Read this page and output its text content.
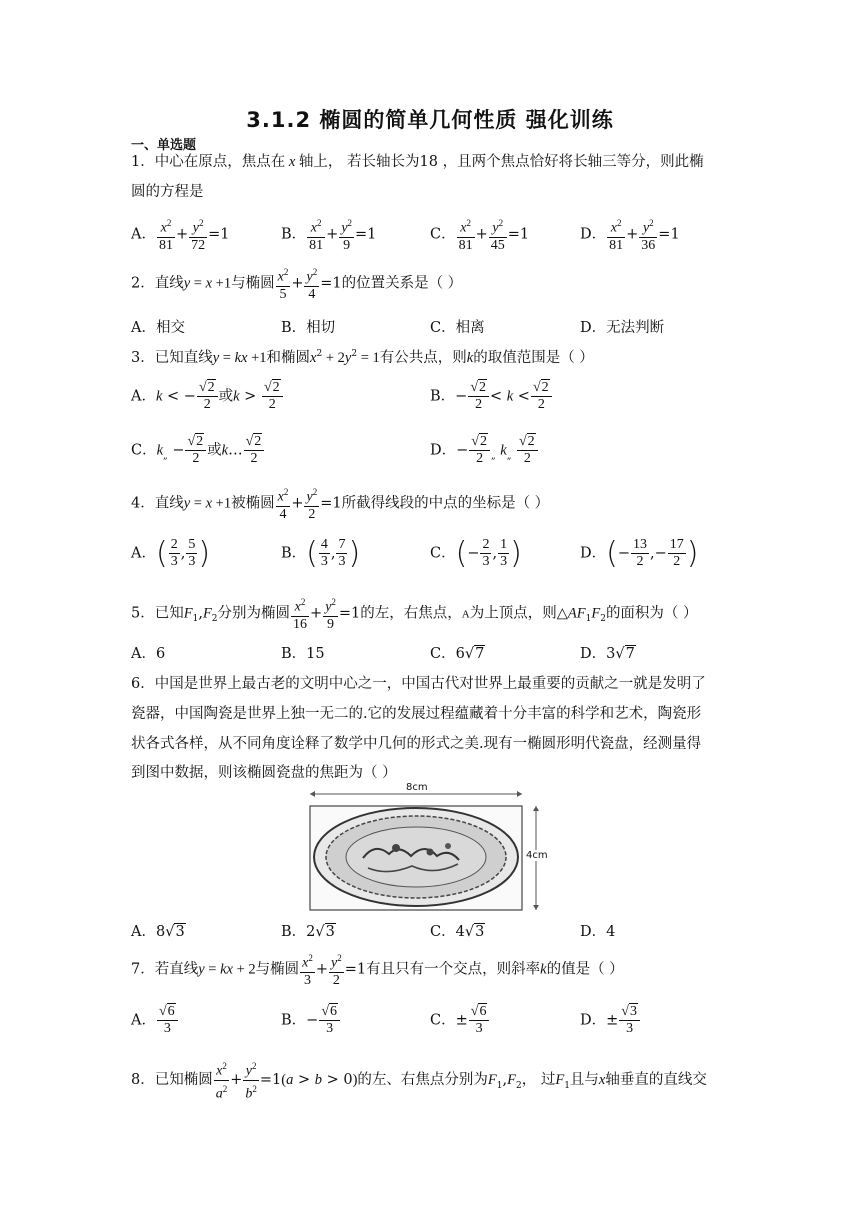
3.1.2 椭圆的简单几何性质 强化训练
一、单选题
1．中心在原点，焦点在 x 轴上， 若长轴长为18 ，且两个焦点恰好将长轴三等分，则此椭
圆的方程是
A． $\frac{x^2}{81} + \frac{y^2}{72} =1$	B． $\frac{x^2}{81} + \frac{y^2}{9} =1$	C． $\frac{x^2}{81} + \frac{y^2}{45} =1$	D． $\frac{x^2}{81} + \frac{y^2}{36} =1$
2．直线y = x +1与椭圆 $\frac{x^2}{5} + \frac{y^2}{4} =1$的位置关系是（ ）
A．相交	B．相切	C．相离	D．无法判断
3．已知直线y = kx +1和椭圆$x^2 + 2y^2 = 1$有公共点，则k的取值范围是（ ）
A．k < − $\frac{√2}{2}$ 或$k > \frac{√2}{2}$	B．− $\frac{√2}{2} < k < \frac{√2}{2}$
C．$k_„ - \frac{√2}{2}$ 或k… $\frac{√2}{2}$	D．− $\frac{√2}{2} _„$ $k_„ \frac{√2}{2}$
4．直线y = x +1被椭圆 $\frac{x^2}{4} + \frac{y^2}{2} =1$所截得线段的中点的坐标是（ ）
A．( $\frac{2}{3}$ , $\frac{5}{3}$ )	B．( $\frac{4}{3}$ , $\frac{7}{3}$ )	C．(− $\frac{2}{3}$ , $\frac{1}{3}$ )	D．(− $\frac{13}{2}$ ,− $\frac{17}{2}$ )
5．已知$F_1,F_2$分别为椭圆 $\frac{x^2}{16} + \frac{y^2}{9} =1$的左，右焦点，A为上顶点，则$\triangle AF_1F_2$的面积为（ ）
A．6	B．15	C．6√7	D．3√7
6．中国是世界上最古老的文明中心之一，中国古代对世界上最重要的贡献之一就是发明了
瓷器，中国陶瓷是世界上独一无二的.它的发展过程蕴藏着十分丰富的科学和艺术，陶瓷形
状各式各样，从不同角度诠释了数学中几何的形式之美.现有一椭圆形明代瓷盘，经测量得
到图中数据，则该椭圆瓷盘的焦距为（ ）
8cm
4cm
A．8√3	B．2√3	C．4√3	D．4
7．若直线y = kx + 2与椭圆 $\frac{x^2}{3} + \frac{y^2}{2} =1$有且只有一个交点，则斜率k的值是（ ）
A． $\frac{√6}{3}$	B．− $\frac{√6}{3}$	C．± $\frac{√6}{3}$	D．± $\frac{√3}{3}$
8．已知椭圆 $\frac{x^2}{a^2} + \frac{y^2}{b^2} =1(a > b > 0)$的左、右焦点分别为$F_1,F_2$， 过$F_1$且与x轴垂直的直线交
